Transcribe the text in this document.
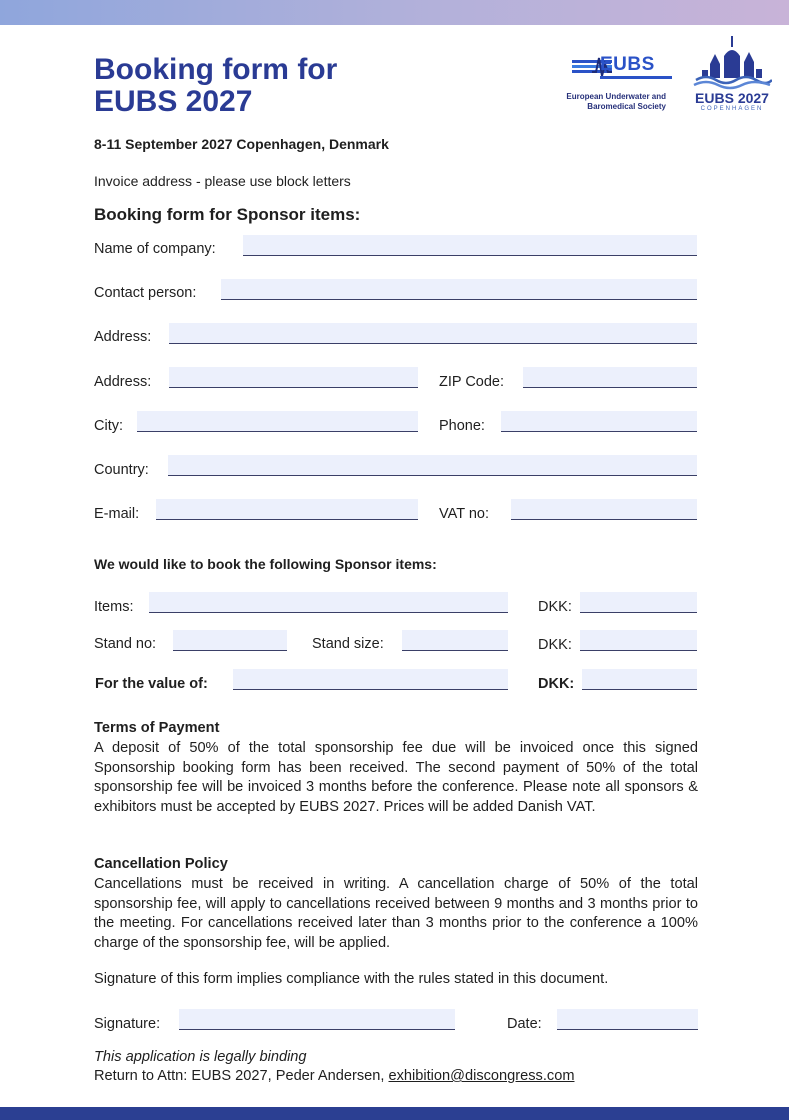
Booking form for
EUBS 2027
EUBS
European Underwater and
Baromedical Society
EUBS 2027
COPENHAGEN
8-11 September 2027 Copenhagen, Denmark
Invoice address - please use block letters
Booking form for Sponsor items:
Name of company:
Contact person:
Address:
Address:	ZIP Code:
City:	Phone:
Country:
E-mail:	VAT no:
We would like to book the following Sponsor items:
Items:	DKK:
Stand no:	Stand size:	DKK:
For the value of:	DKK:
Terms of Payment
A deposit of 50% of the total sponsorship fee due will be invoiced once this signed Sponsorship booking form has been received. The second payment of 50% of the total sponsorship fee will be invoiced 3 months before the conference. Please note all sponsors & exhibitors must be accepted by EUBS 2027. Prices will be added Danish VAT.
Cancellation Policy
Cancellations must be received in writing. A cancellation charge of 50% of the total sponsorship fee, will apply to cancellations received between 9 months and 3 months prior to the meeting. For cancellations received later than 3 months prior to the conference a 100% charge of the sponsorship fee, will be applied.
Signature of this form implies compliance with the rules stated in this document.
Signature:	Date:
This application is legally binding
Return to Attn: EUBS 2027, Peder Andersen, exhibition@discongress.com
